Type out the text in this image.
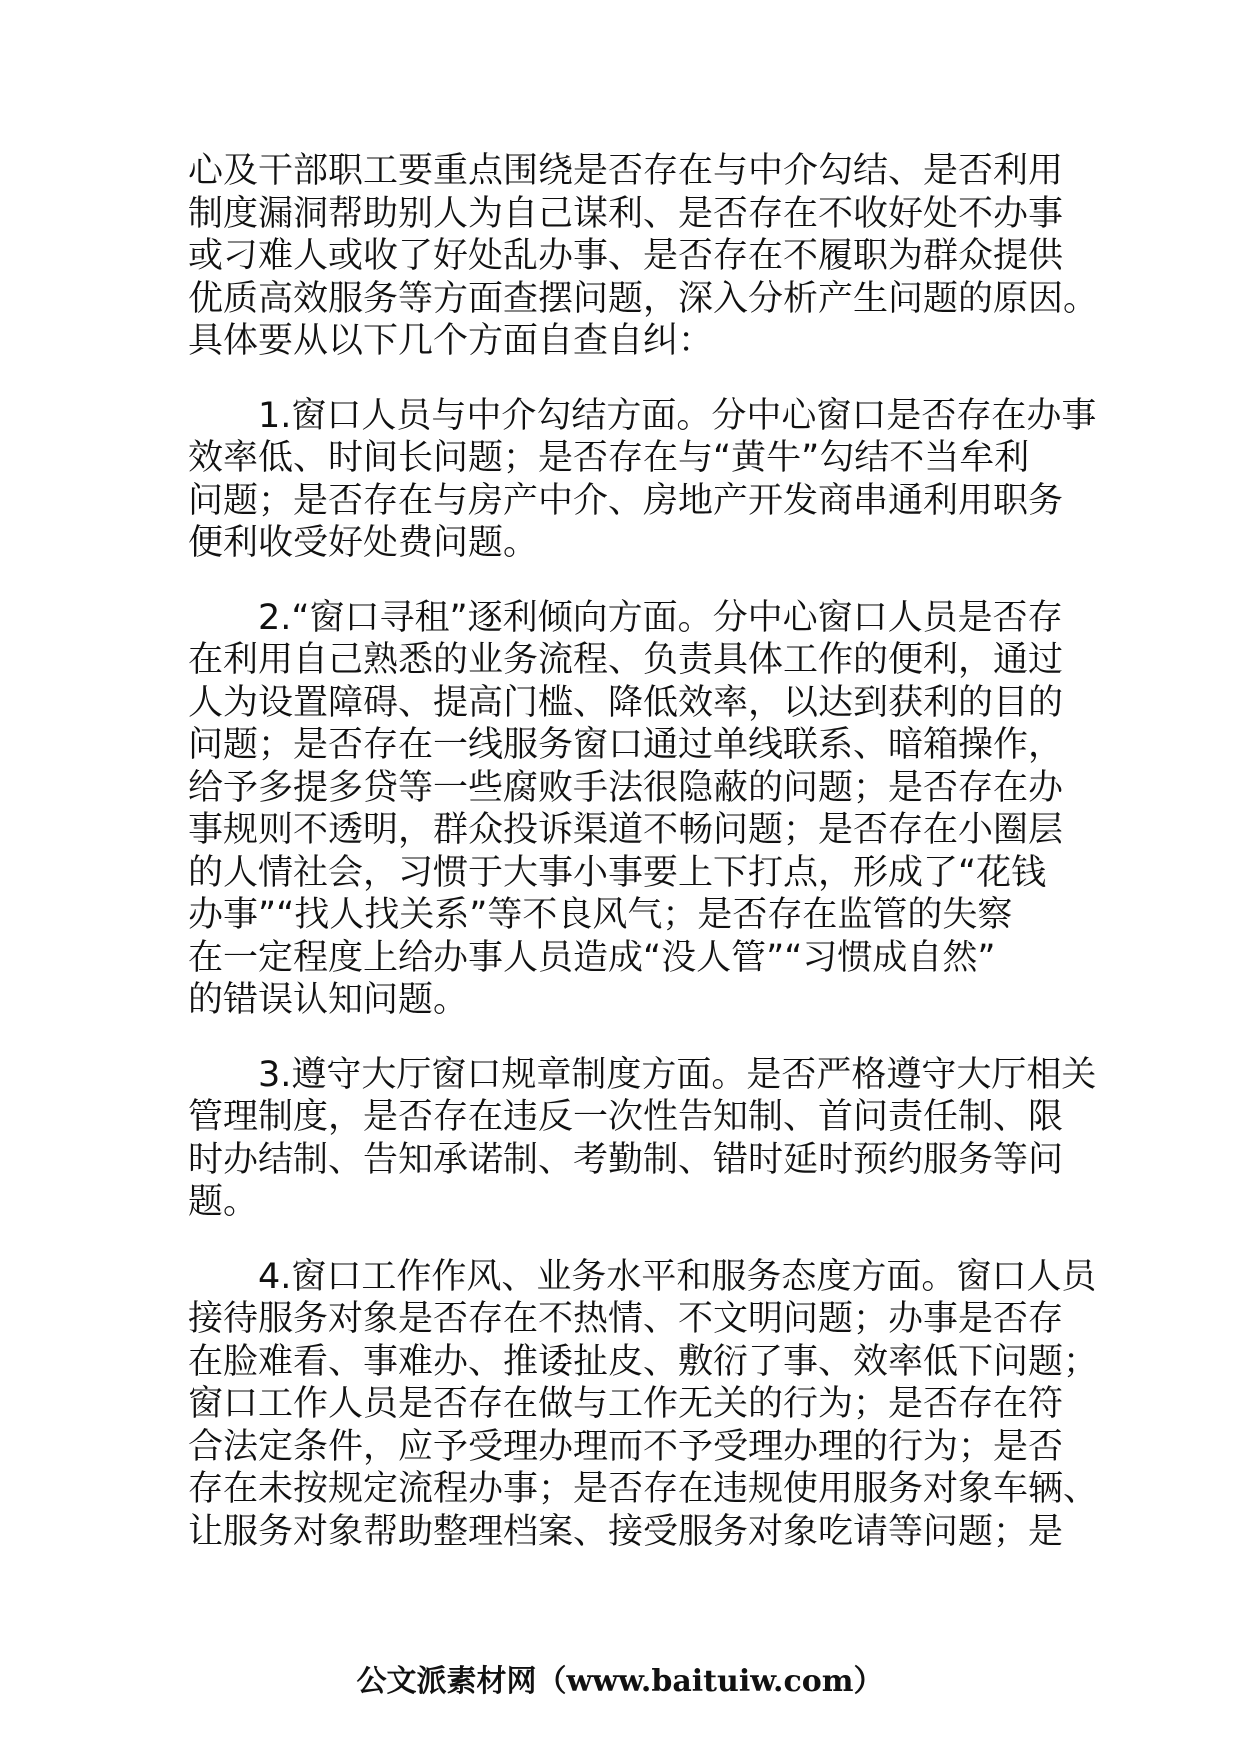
心及干部职工要重点围绕是否存在与中介勾结、是否利用
制度漏洞帮助别人为自己谋利、是否存在不收好处不办事
或刁难人或收了好处乱办事、是否存在不履职为群众提供
优质高效服务等方面查摆问题，深入分析产生问题的原因。
具体要从以下几个方面自查自纠：
1.窗口人员与中介勾结方面。分中心窗口是否存在办事
效率低、时间长问题；是否存在与“黄牛”勾结不当牟利
问题；是否存在与房产中介、房地产开发商串通利用职务
便利收受好处费问题。
2.“窗口寻租”逐利倾向方面。分中心窗口人员是否存
在利用自己熟悉的业务流程、负责具体工作的便利，通过
人为设置障碍、提高门槛、降低效率，以达到获利的目的
问题；是否存在一线服务窗口通过单线联系、暗箱操作，
给予多提多贷等一些腐败手法很隐蔽的问题；是否存在办
事规则不透明，群众投诉渠道不畅问题；是否存在小圈层
的人情社会，习惯于大事小事要上下打点，形成了“花钱
办事”“找人找关系”等不良风气；是否存在监管的失察
在一定程度上给办事人员造成“没人管”“习惯成自然”
的错误认知问题。
3.遵守大厅窗口规章制度方面。是否严格遵守大厅相关
管理制度，是否存在违反一次性告知制、首问责任制、限
时办结制、告知承诺制、考勤制、错时延时预约服务等问
题。
4.窗口工作作风、业务水平和服务态度方面。窗口人员
接待服务对象是否存在不热情、不文明问题；办事是否存
在脸难看、事难办、推诿扯皮、敷衍了事、效率低下问题；
窗口工作人员是否存在做与工作无关的行为；是否存在符
合法定条件，应予受理办理而不予受理办理的行为；是否
存在未按规定流程办事；是否存在违规使用服务对象车辆、
让服务对象帮助整理档案、接受服务对象吃请等问题；是
公文派素材网（www.baituiw.com）
